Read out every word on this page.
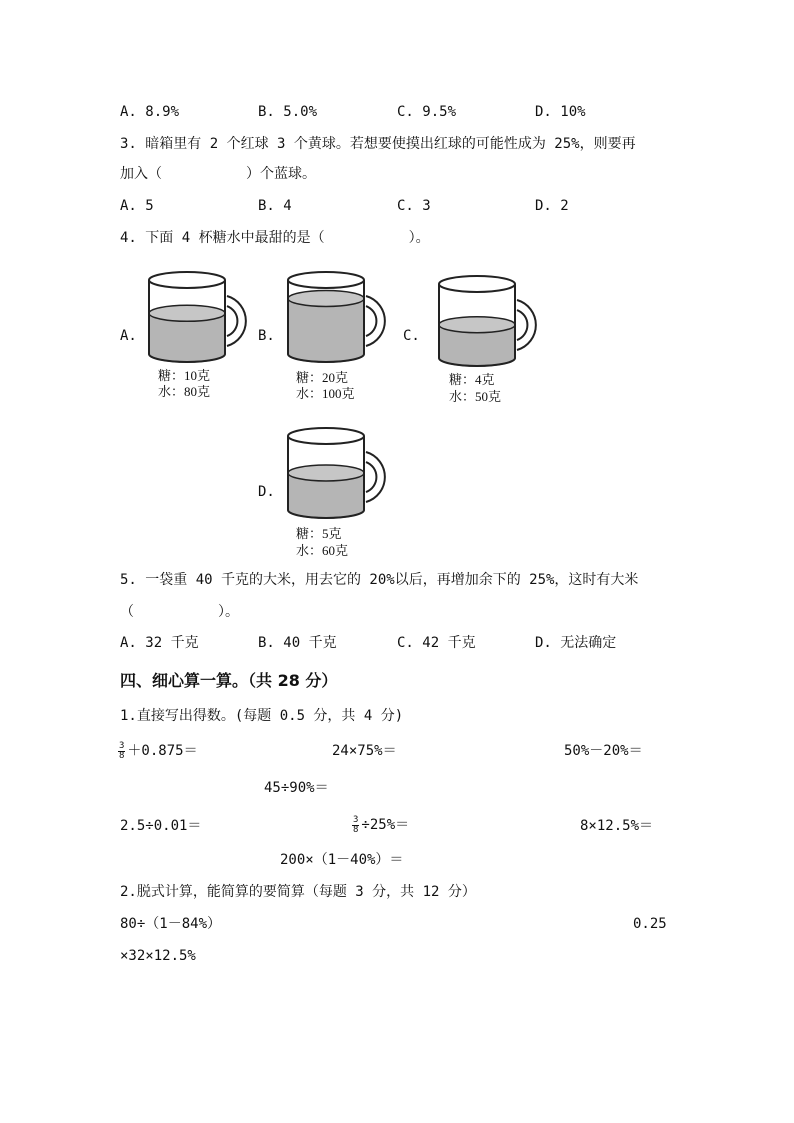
A. 8.9%	B. 5.0%	C. 9.5%	D. 10%
3. 暗箱里有 2 个红球 3 个黄球。若想要使摸出红球的可能性成为 25%，则要再
加入（　　　　　　）个蓝球。
A. 5	B. 4	C. 3	D. 2
4. 下面 4 杯糖水中最甜的是（　　　　　　）。
A.
糖：10克
水：80克
B.
糖：20克
水：100克
C.
糖：4克
水：50克
D.
糖：5克
水：60克
5. 一袋重 40 千克的大米，用去它的 20%以后，再增加余下的 25%，这时有大米
（　　　　　　）。
A. 32 千克	B. 40 千克	C. 42 千克	D. 无法确定
四、细心算一算。（共 28 分）
1.直接写出得数。(每题 0.5 分，共 4 分)
$\frac{3}{8} +0.875=$	24×75%＝	50%－20%＝
45÷90%＝
2.5÷0.01＝	$\frac{3}{8} \div 25\%=$	8×12.5%＝
200×（1－40%）＝
2.脱式计算，能简算的要简算（每题 3 分，共 12 分）
80÷（1－84%）	0.25
×32×12.5%
